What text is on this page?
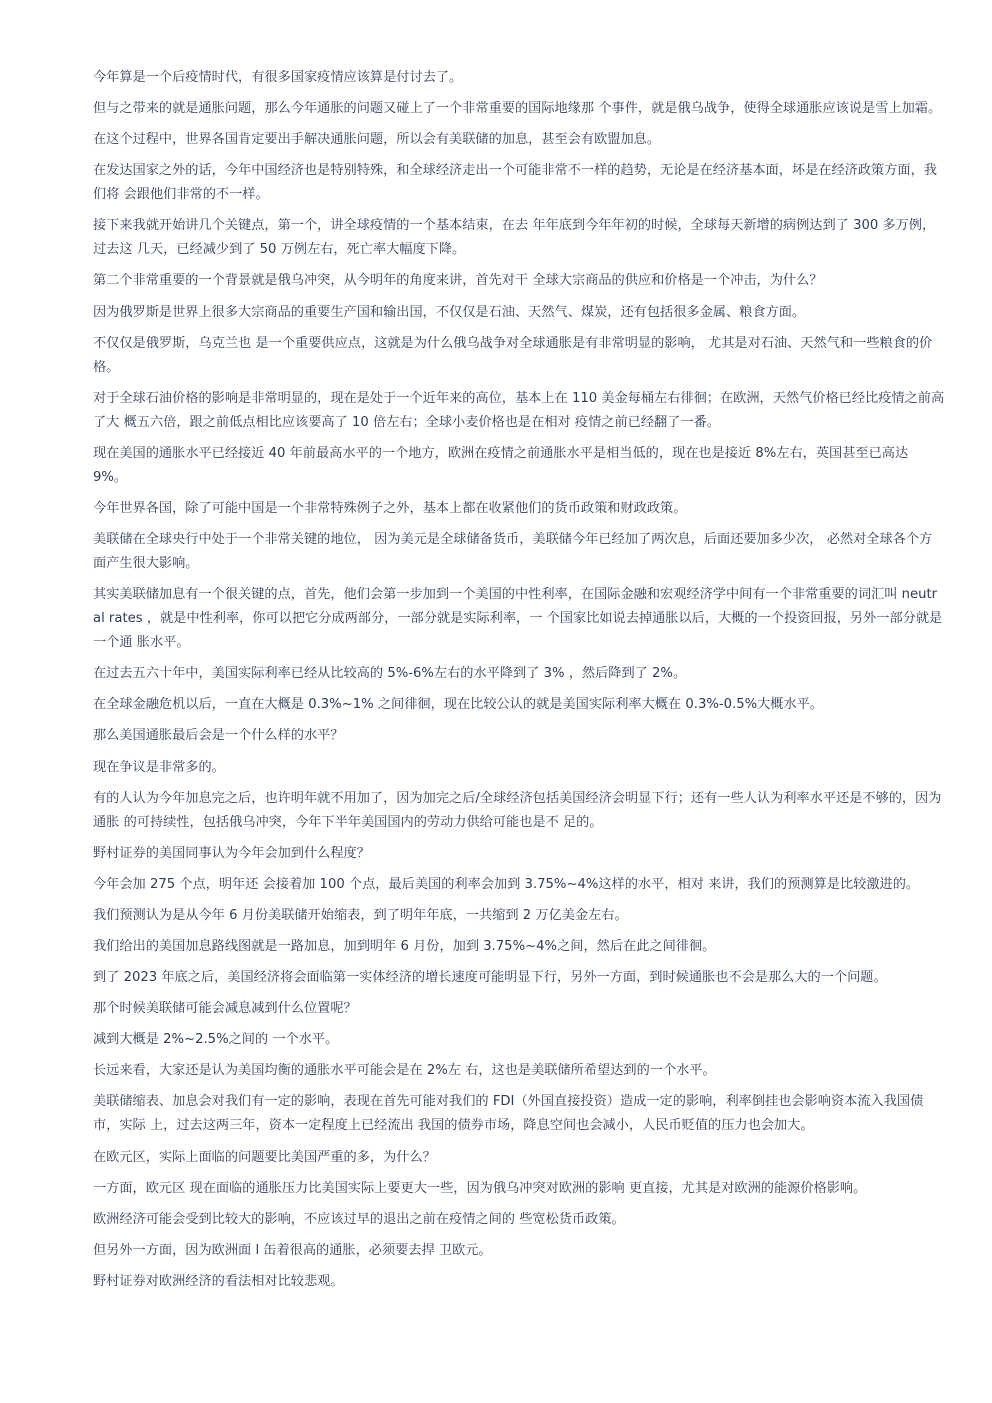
今年算是一个后疫情时代，有很多国家疫情应该算是付讨去了。

但与之带来的就是通胀问题，那么今年通胀的问题又碰上了一个非常重要的国际地缘那 个事件，就是俄乌战争，使得全球通胀应该说是雪上加霜。

在这个过程中，世界各国肯定要出手解决通胀问题，所以会有美联储的加息，甚至会有欧盟加息。

在发达国家之外的话，今年中国经济也是特别特殊，和全球经济走出一个可能非常不一样的趋势，无论是在经济基本面，坏是在经济政策方面，我们将 会跟他们非常的不一样。

接下来我就开始讲几个关键点，第一个，讲全球疫情的一个基本结束，在去 年年底到今年年初的时候，全球每天新增的病例达到了 300 多万例，过去这 几天，已经减少到了 50 万例左右，死亡率大幅度下降。

第二个非常重要的一个背景就是俄乌冲突，从今明年的角度来讲，首先对干 全球大宗商品的供应和价格是一个冲击，为什么？

因为俄罗斯是世界上很多大宗商品的重要生产国和输出国，不仅仅是石油、天然气、煤炭，还有包括很多金属、粮食方面。

不仅仅是俄罗斯，乌克兰也 是一个重要供应点，这就是为什么俄乌战争对全球通胀是有非常明显的影响， 尤其是对石油、天然气和一些粮食的价格。

对于全球石油价格的影响是非常明显的，现在是处于一个近年来的高位，基本上在 110 美金每桶左右徘徊；在欧洲，天然气价格已经比疫情之前高了大 概五六倍，跟之前低点相比应该要高了 10 倍左右；全球小麦价格也是在相对 疫情之前已经翻了一番。

现在美国的通胀水平已经接近 40 年前最高水平的一个地方，欧洲在疫情之前通胀水平是相当低的，现在也是接近 8%左右，英国甚至已高达 9%。

今年世界各国，除了可能中国是一个非常特殊例子之外，基本上都在收紧他们的货币政策和财政政策。

美联储在全球央行中处于一个非常关键的地位， 因为美元是全球储备货币，美联储今年已经加了两次息，后面还要加多少次， 必然对全球各个方面产生很大影响。

其实美联储加息有一个很关键的点，首先，他们会第一步加到一个美国的中性利率，在国际金融和宏观经济学中间有一个非常重要的词汇叫 neutral rates ，就是中性利率，你可以把它分成两部分，一部分就是实际利率，一 个国家比如说去掉通胀以后，大概的一个投资回报，另外一部分就是一个通 胀水平。

在过去五六十年中，美国实际利率已经从比较高的 5%-6%左右的水平降到了 3% ，然后降到了 2%。

在全球金融危机以后，一直在大概是 0.3%~1% 之间徘徊，现在比较公认的就是美国实际利率大概在 0.3%-0.5%大概水平。

那么美国通胀最后会是一个什么样的水平？

现在争议是非常多的。

有的人认为今年加息完之后，也许明年就不用加了，因为加完之后/全球经济包括美国经济会明显下行；还有一些人认为利率水平还是不够的，因为通胀 的可持续性，包括俄乌冲突，今年下半年美国国内的劳动力供给可能也是不 足的。

野村证券的美国同事认为今年会加到什么程度？

今年会加 275 个点，明年还 会接着加 100 个点，最后美国的利率会加到 3.75%~4%这样的水平，相对 来讲，我们的预测算是比较激进的。

我们预测认为是从今年 6 月份美联储开始缩表，到了明年年底，一共缩到 2 万亿美金左右。

我们给出的美国加息路线图就是一路加息，加到明年 6 月份，加到 3.75%~4%之间，然后在此之间徘徊。

到了 2023 年底之后，美国经济将会面临第一实体经济的增长速度可能明显下行，另外一方面，到时候通胀也不会是那么大的一个问题。

那个时候美联储可能会减息减到什么位置呢？

减到大概是 2%~2.5%之间的 一个水平。

长远来看，大家还是认为美国均衡的通胀水平可能会是在 2%左 右，这也是美联储所希望达到的一个水平。

美联储缩表、加息会对我们有一定的影响，表现在首先可能对我们的 FDI（外国直接投资）造成一定的影响，利率倒挂也会影响资本流入我国债市，实际 上，过去这两三年，资本一定程度上已经流出 我国的债券市场，降息空间也会减小，人民币贬值的压力也会加大。

在欧元区，实际上面临的问题要比美国严重的多，为什么？

一方面，欧元区 现在面临的通胀压力比美国实际上要更大一些，因为俄乌冲突对欧洲的影响 更直接，尤其是对欧洲的能源价格影响。

欧洲经济可能会受到比较大的影响，不应该过早的退出之前在疫情之间的 些宽松货币政策。

但另外一方面，因为欧洲面 l 缶着很高的通胀，必须要去捍 卫欧元。

野村证券对欧洲经济的看法相对比较悲观。
